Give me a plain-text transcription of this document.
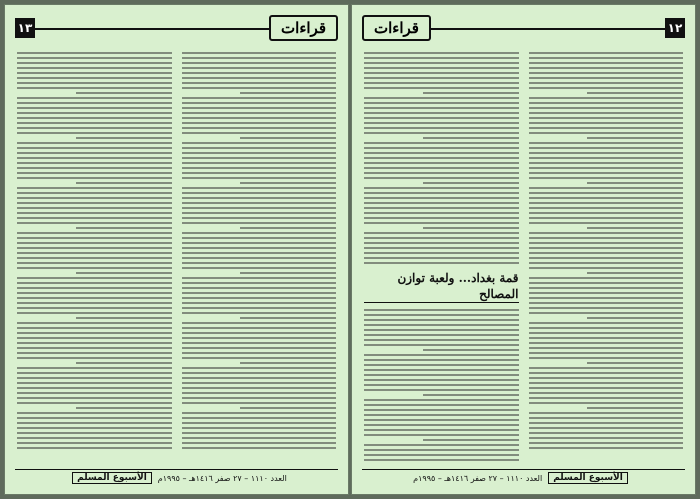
١٣	قراءات
العدد ١١١٠ – ٢٧ صفر ١٤١٦هـ – ١٩٩٥م
الأسبوع المسلم
قراءات	١٢
قمة بغداد... ولعبة توازن المصالح
الأسبوع المسلم
العدد ١١١٠ – ٢٧ صفر ١٤١٦هـ – ١٩٩٥م
